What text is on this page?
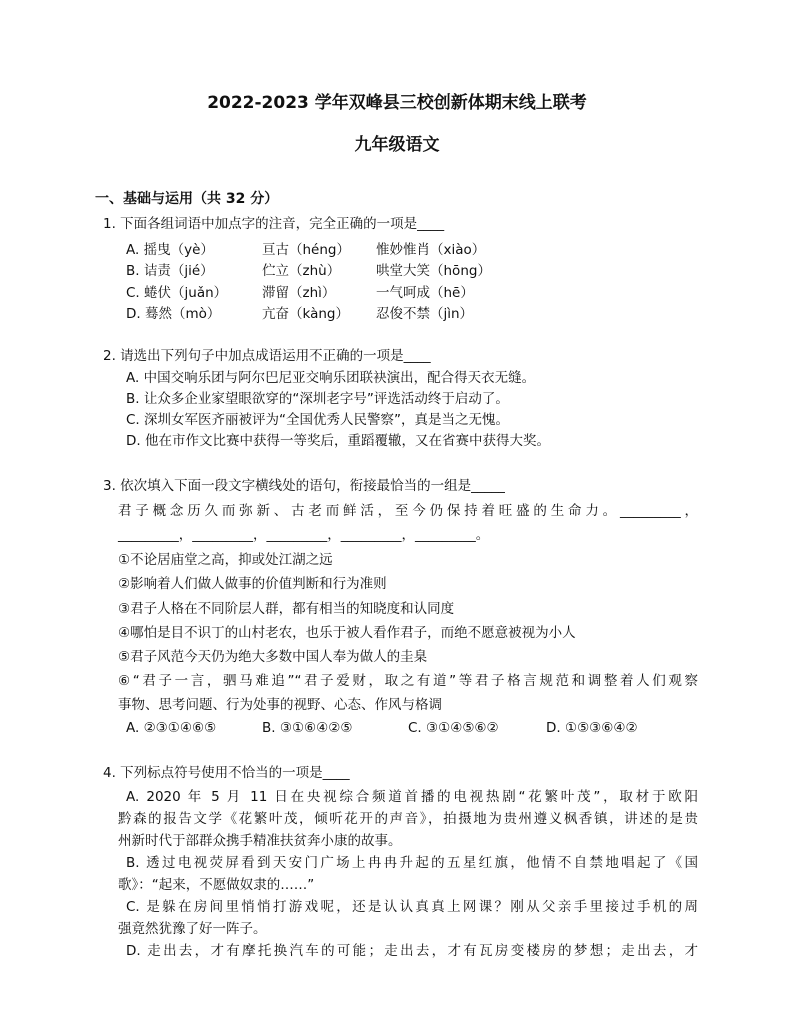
2022-2023 学年双峰县三校创新体期末线上联考
九年级语文
一、基础与运用（共 32 分）
1. 下面各组词语中加点字的注音，完全正确的一项是____
A. 摇曳（yè）	亘古（héng） 惟妙惟肖（xiào）
B. 诘责（jié）	伫立（zhù）	哄堂大笑（hōng）
C. 蜷伏（juǎn）	滞留（zhì）	一气呵成（hē）
D. 蓦然（mò）	亢奋（kàng） 忍俊不禁（jìn）
2. 请选出下列句子中加点成语运用不正确的一项是____
A. 中国交响乐团与阿尔巴尼亚交响乐团联袂演出，配合得天衣无缝。
B. 让众多企业家望眼欲穿的“深圳老字号”评选活动终于启动了。
C. 深圳女军医齐丽被评为“全国优秀人民警察”，真是当之无愧。
D. 他在市作文比赛中获得一等奖后，重蹈覆辙，又在省赛中获得大奖。
3. 依次填入下面一段文字横线处的语句，衔接最恰当的一组是_____
君子概念历久而弥新、古老而鲜活，至今仍保持着旺盛的生命力。_________，
_________，_________，_________，_________，_________。
①不论居庙堂之高，抑或处江湖之远
②影响着人们做人做事的价值判断和行为准则
③君子人格在不同阶层人群，都有相当的知晓度和认同度
④哪怕是目不识丁的山村老农，也乐于被人看作君子，而绝不愿意被视为小人
⑤君子风范今天仍为绝大多数中国人奉为做人的圭臬
⑥“君子一言，驷马难追”“君子爱财，取之有道”等君子格言规范和调整着人们观察
事物、思考问题、行为处事的视野、心态、作风与格调
A. ②③①④⑥⑤	B. ③①⑥④②⑤	C. ③①④⑤⑥②	D. ①⑤③⑥④②
4. 下列标点符号使用不恰当的一项是____
A. 2020 年 5 月 11 日在央视综合频道首播的电视热剧“花繁叶茂”，取材于欧阳
黔森的报告文学《花繁叶茂，倾听花开的声音》，拍摄地为贵州遵义枫香镇，讲述的是贵
州新时代于部群众携手精准扶贫奔小康的故事。
B. 透过电视荧屏看到天安门广场上冉冉升起的五星红旗，他情不自禁地唱起了《国
歌》：“起来，不愿做奴隶的……”
C. 是躲在房间里悄悄打游戏呢，还是认认真真上网课？刚从父亲手里接过手机的周
强竟然犹豫了好一阵子。
D. 走出去，才有摩托换汽车的可能；走出去，才有瓦房变楼房的梦想；走出去，才
